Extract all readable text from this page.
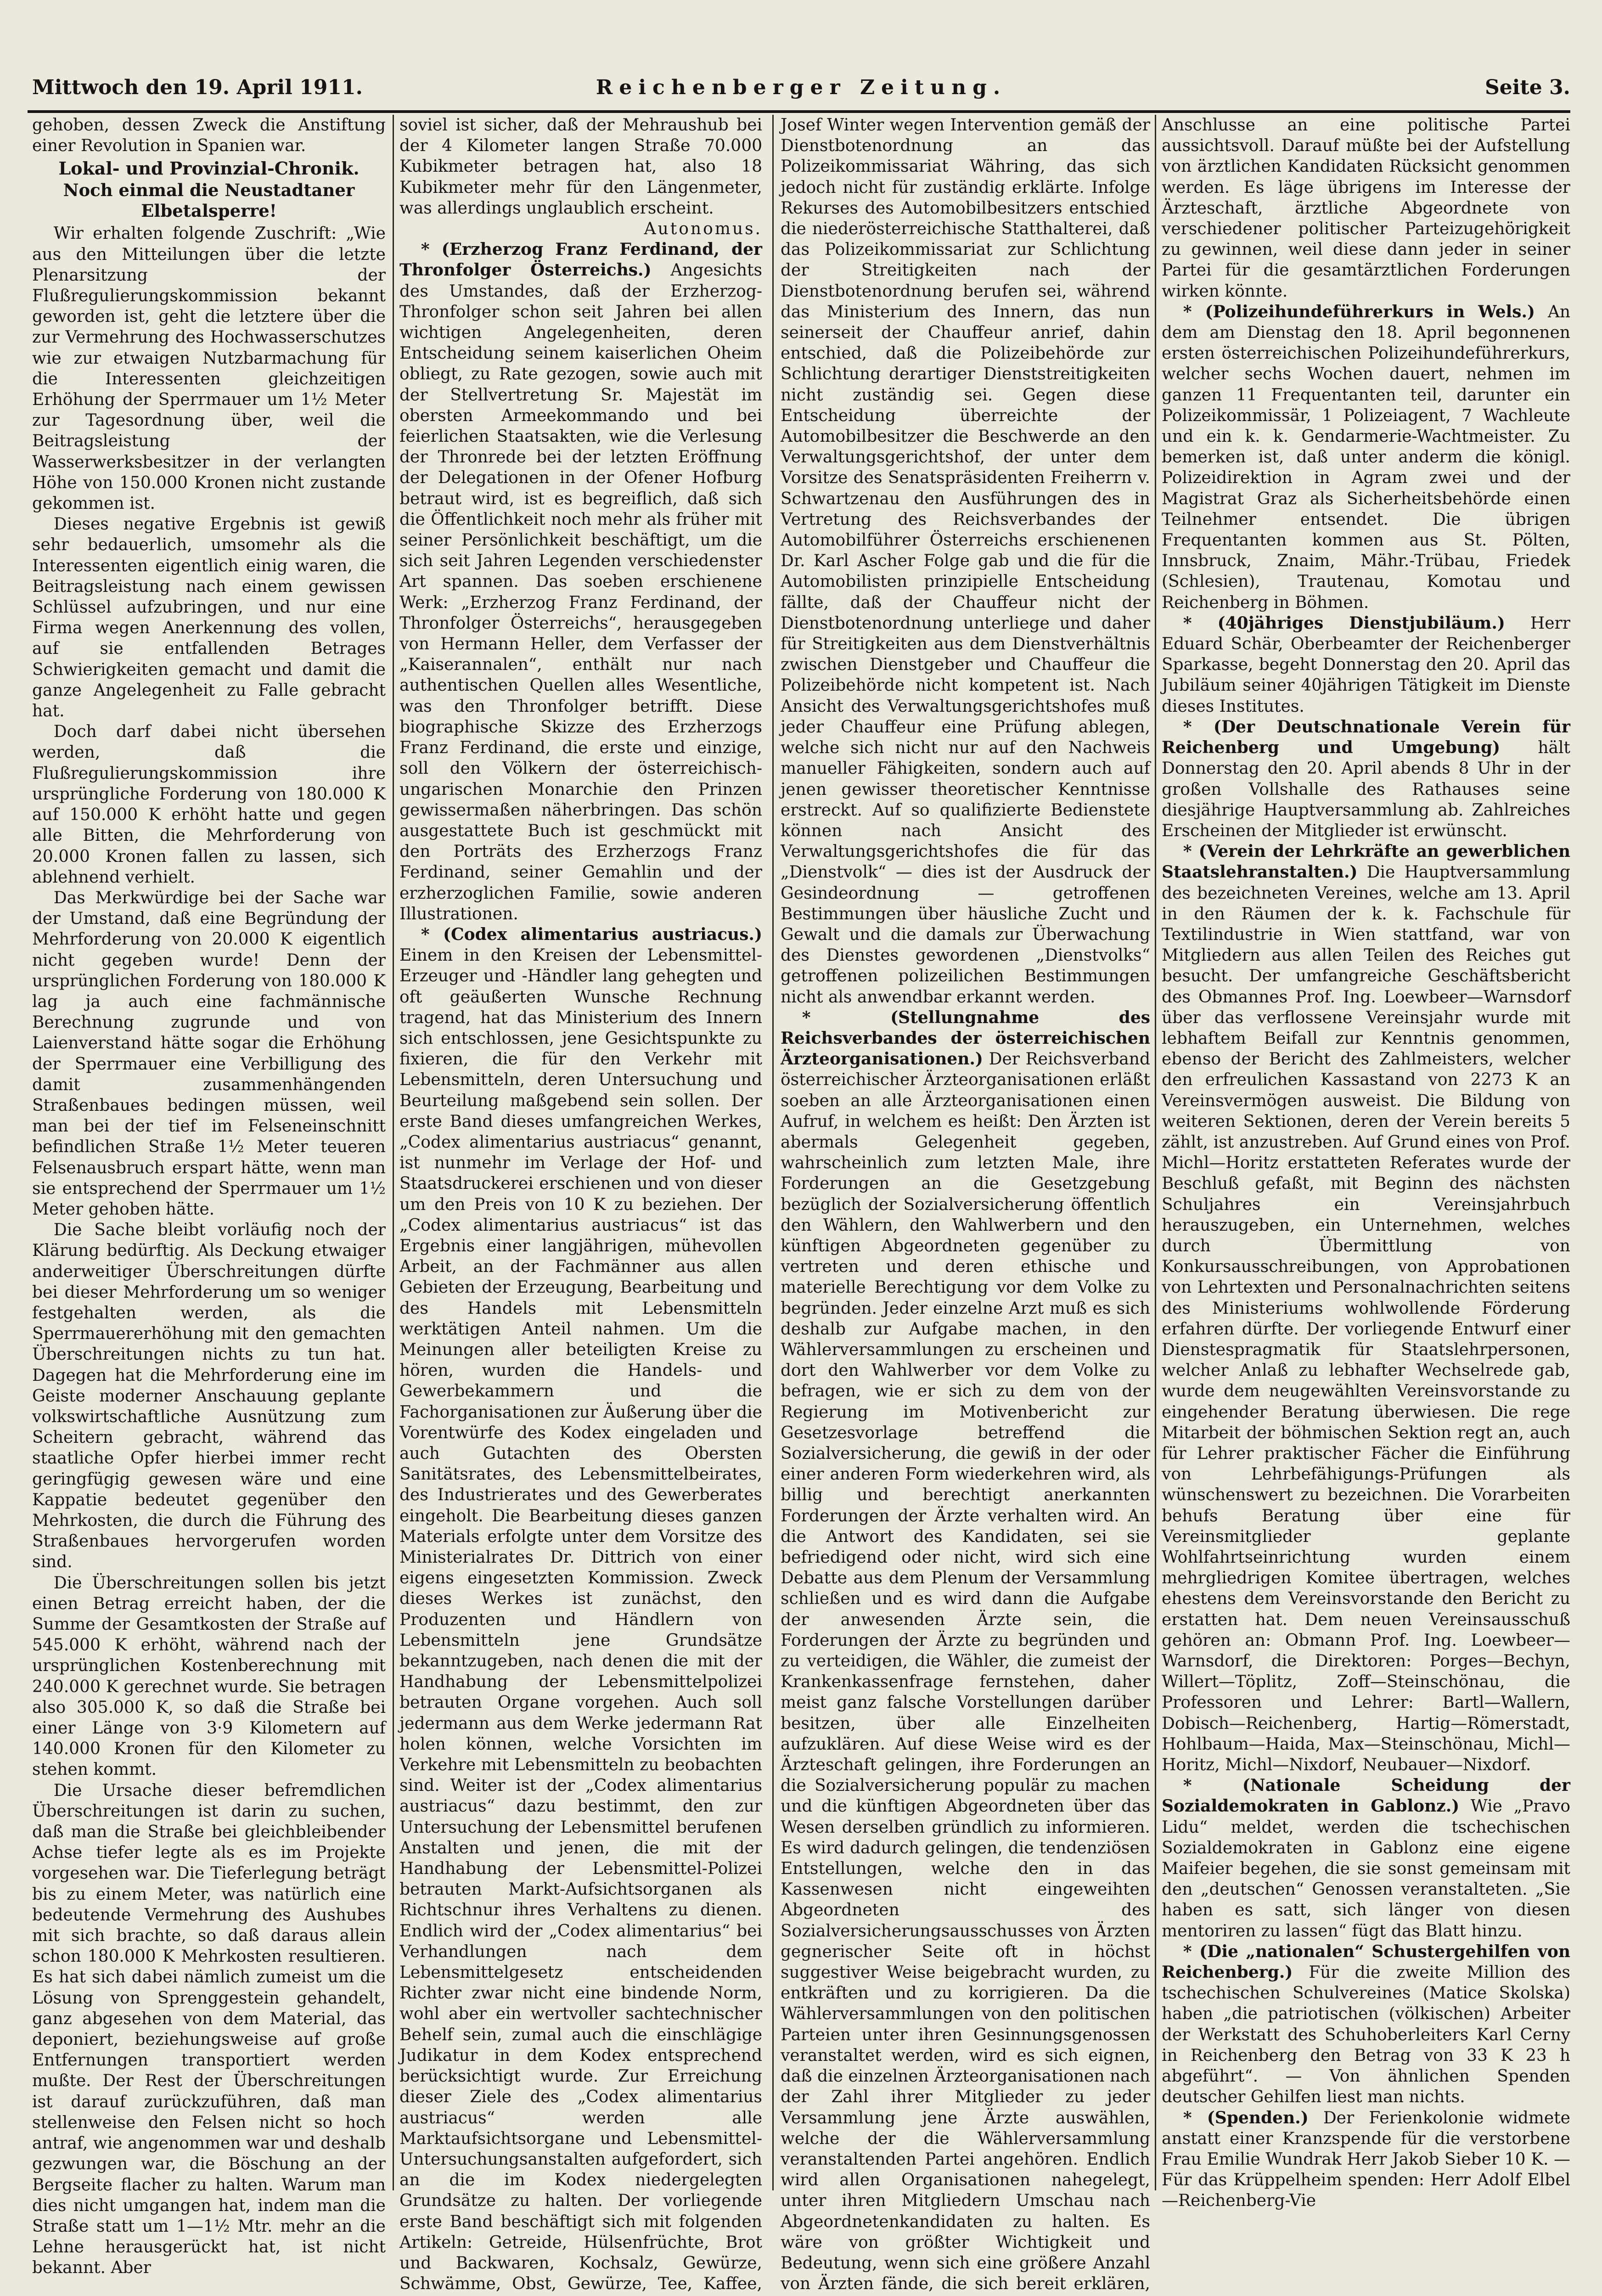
Mittwoch den 19. April 1911.	Reichenberger Zeitung.	Seite 3.

gehoben, dessen Zweck die Anstiftung einer Revolution in Spanien war.

Lokal- und Provinzial-Chronik.
Noch einmal die Neustadtaner Elbetalsperre!

Wir erhalten folgende Zuschrift: „Wie aus den Mitteilungen über die letzte Plenarsitzung der Flußregulierungskommission bekannt geworden ist, geht die letztere über die zur Vermehrung des Hochwasserschutzes wie zur etwaigen Nutzbarmachung für die Interessenten gleichzeitigen Erhöhung der Sperrmauer um 1½ Meter zur Tagesordnung über, weil die Beitragsleistung der Wasserwerksbesitzer in der verlangten Höhe von 150.000 Kronen nicht zustande gekommen ist.

Dieses negative Ergebnis ist gewiß sehr bedauerlich, umsomehr als die Interessenten eigentlich einig waren, die Beitragsleistung nach einem gewissen Schlüssel aufzubringen, und nur eine Firma wegen Anerkennung des vollen, auf sie entfallenden Betrages Schwierigkeiten gemacht und damit die ganze Angelegenheit zu Falle gebracht hat.

Doch darf dabei nicht übersehen werden, daß die Flußregulierungskommission ihre ursprüngliche Forderung von 180.000 K auf 150.000 K erhöht hatte und gegen alle Bitten, die Mehrforderung von 20.000 Kronen fallen zu lassen, sich ablehnend verhielt.

Das Merkwürdige bei der Sache war der Umstand, daß eine Begründung der Mehrforderung von 20.000 K eigentlich nicht gegeben wurde! Denn der ursprünglichen Forderung von 180.000 K lag ja auch eine fachmännische Berechnung zugrunde und von Laienverstand hätte sogar die Erhöhung der Sperrmauer eine Verbilligung des damit zusammenhängenden Straßenbaues bedingen müssen, weil man bei der tief im Felseneinschnitt befindlichen Straße 1½ Meter teueren Felsenausbruch erspart hätte, wenn man sie entsprechend der Sperrmauer um 1½ Meter gehoben hätte.

Die Sache bleibt vorläufig noch der Klärung bedürftig. Als Deckung etwaiger anderweitiger Überschreitungen dürfte bei dieser Mehrforderung um so weniger festgehalten werden, als die Sperrmauererhöhung mit den gemachten Überschreitungen nichts zu tun hat. Dagegen hat die Mehrforderung eine im Geiste moderner Anschauung geplante volkswirtschaftliche Ausnützung zum Scheitern gebracht, während das staatliche Opfer hierbei immer recht geringfügig gewesen wäre und eine Kappatie bedeutet gegenüber den Mehrkosten, die durch die Führung des Straßenbaues hervorgerufen worden sind.

Die Überschreitungen sollen bis jetzt einen Betrag erreicht haben, der die Summe der Gesamtkosten der Straße auf 545.000 K erhöht, während nach der ursprünglichen Kostenberechnung mit 240.000 K gerechnet wurde. Sie betragen also 305.000 K, so daß die Straße bei einer Länge von 3·9 Kilometern auf 140.000 Kronen für den Kilometer zu stehen kommt.

Die Ursache dieser befremdlichen Überschreitungen ist darin zu suchen, daß man die Straße bei gleichbleibender Achse tiefer legte als es im Projekte vorgesehen war. Die Tieferlegung beträgt bis zu einem Meter, was natürlich eine bedeutende Vermehrung des Aushubes mit sich brachte, so daß daraus allein schon 180.000 K Mehrkosten resultieren. Es hat sich dabei nämlich zumeist um die Lösung von Sprenggestein gehandelt, ganz abgesehen von dem Material, das deponiert, beziehungsweise auf große Entfernungen transportiert werden mußte. Der Rest der Überschreitungen ist darauf zurückzuführen, daß man stellenweise den Felsen nicht so hoch antraf, wie angenommen war und deshalb gezwungen war, die Böschung an der Bergseite flacher zu halten. Warum man dies nicht umgangen hat, indem man die Straße statt um 1—1½ Mtr. mehr an die Lehne herausgerückt hat, ist nicht bekannt. Aber

soviel ist sicher, daß der Mehraushub bei der 4 Kilometer langen Straße 70.000 Kubikmeter betragen hat, also 18 Kubikmeter mehr für den Längenmeter, was allerdings unglaublich erscheint.

Autonomus.

* (Erzherzog Franz Ferdinand, der Thronfolger Österreichs.) Angesichts des Umstandes, daß der Erzherzog-Thronfolger schon seit Jahren bei allen wichtigen Angelegenheiten, deren Entscheidung seinem kaiserlichen Oheim obliegt, zu Rate gezogen, sowie auch mit der Stellvertretung Sr. Majestät im obersten Armeekommando und bei feierlichen Staatsakten, wie die Verlesung der Thronrede bei der letzten Eröffnung der Delegationen in der Ofener Hofburg betraut wird, ist es begreiflich, daß sich die Öffentlichkeit noch mehr als früher mit seiner Persönlichkeit beschäftigt, um die sich seit Jahren Legenden verschiedenster Art spannen. Das soeben erschienene Werk: „Erzherzog Franz Ferdinand, der Thronfolger Österreichs“, herausgegeben von Hermann Heller, dem Verfasser der „Kaiserannalen“, enthält nur nach authentischen Quellen alles Wesentliche, was den Thronfolger betrifft. Diese biographische Skizze des Erzherzogs Franz Ferdinand, die erste und einzige, soll den Völkern der österreichisch-ungarischen Monarchie den Prinzen gewissermaßen näherbringen. Das schön ausgestattete Buch ist geschmückt mit den Porträts des Erzherzogs Franz Ferdinand, seiner Gemahlin und der erzherzoglichen Familie, sowie anderen Illustrationen.

* (Codex alimentarius austriacus.) Einem in den Kreisen der Lebensmittel-Erzeuger und -Händler lang gehegten und oft geäußerten Wunsche Rechnung tragend, hat das Ministerium des Innern sich entschlossen, jene Gesichtspunkte zu fixieren, die für den Verkehr mit Lebensmitteln, deren Untersuchung und Beurteilung maßgebend sein sollen. Der erste Band dieses umfangreichen Werkes, „Codex alimentarius austriacus“ genannt, ist nunmehr im Verlage der Hof- und Staatsdruckerei erschienen und von dieser um den Preis von 10 K zu beziehen. Der „Codex alimentarius austriacus“ ist das Ergebnis einer langjährigen, mühevollen Arbeit, an der Fachmänner aus allen Gebieten der Erzeugung, Bearbeitung und des Handels mit Lebensmitteln werktätigen Anteil nahmen. Um die Meinungen aller beteiligten Kreise zu hören, wurden die Handels- und Gewerbekammern und die Fachorganisationen zur Äußerung über die Vorentwürfe des Kodex eingeladen und auch Gutachten des Obersten Sanitätsrates, des Lebensmittelbeirates, des Industrierates und des Gewerberates eingeholt. Die Bearbeitung dieses ganzen Materials erfolgte unter dem Vorsitze des Ministerialrates Dr. Dittrich von einer eigens eingesetzten Kommission. Zweck dieses Werkes ist zunächst, den Produzenten und Händlern von Lebensmitteln jene Grundsätze bekanntzugeben, nach denen die mit der Handhabung der Lebensmittelpolizei betrauten Organe vorgehen. Auch soll jedermann aus dem Werke jedermann Rat holen können, welche Vorsichten im Verkehre mit Lebensmitteln zu beobachten sind. Weiter ist der „Codex alimentarius austriacus“ dazu bestimmt, den zur Untersuchung der Lebensmittel berufenen Anstalten und jenen, die mit der Handhabung der Lebensmittel-Polizei betrauten Markt-Aufsichtsorganen als Richtschnur ihres Verhaltens zu dienen. Endlich wird der „Codex alimentarius“ bei Verhandlungen nach dem Lebensmittelgesetz entscheidenden Richter zwar nicht eine bindende Norm, wohl aber ein wertvoller sachtechnischer Behelf sein, zumal auch die einschlägige Judikatur in dem Kodex entsprechend berücksichtigt wurde. Zur Erreichung dieser Ziele des „Codex alimentarius austriacus“ werden alle Marktaufsichtsorgane und Lebensmittel-Untersuchungsanstalten aufgefordert, sich an die im Kodex niedergelegten Grundsätze zu halten. Der vorliegende erste Band beschäftigt sich mit folgenden Artikeln: Getreide, Hülsenfrüchte, Brot und Backwaren, Kochsalz, Gewürze, Schwämme, Obst, Gewürze, Tee, Kaffee,

Josef Winter wegen Intervention gemäß der Dienstbotenordnung an das Polizeikommissariat Währing, das sich jedoch nicht für zuständig erklärte. Infolge Rekurses des Automobilbesitzers entschied die niederösterreichische Statthalterei, daß das Polizeikommissariat zur Schlichtung der Streitigkeiten nach der Dienstbotenordnung berufen sei, während das Ministerium des Innern, das nun seinerseit der Chauffeur anrief, dahin entschied, daß die Polizeibehörde zur Schlichtung derartiger Dienststreitigkeiten nicht zuständig sei. Gegen diese Entscheidung überreichte der Automobilbesitzer die Beschwerde an den Verwaltungsgerichtshof, der unter dem Vorsitze des Senatspräsidenten Freiherrn v. Schwartzenau den Ausführungen des in Vertretung des Reichsverbandes der Automobilführer Österreichs erschienenen Dr. Karl Ascher Folge gab und die für die Automobilisten prinzipielle Entscheidung fällte, daß der Chauffeur nicht der Dienstbotenordnung unterliege und daher für Streitigkeiten aus dem Dienstverhältnis zwischen Dienstgeber und Chauffeur die Polizeibehörde nicht kompetent ist. Nach Ansicht des Verwaltungsgerichtshofes muß jeder Chauffeur eine Prüfung ablegen, welche sich nicht nur auf den Nachweis manueller Fähigkeiten, sondern auch auf jenen gewisser theoretischer Kenntnisse erstreckt. Auf so qualifizierte Bedienstete können nach Ansicht des Verwaltungsgerichtshofes die für das „Dienstvolk“ — dies ist der Ausdruck der Gesindeordnung — getroffenen Bestimmungen über häusliche Zucht und Gewalt und die damals zur Überwachung des Dienstes gewordenen „Dienstvolks“ getroffenen polizeilichen Bestimmungen nicht als anwendbar erkannt werden.

* (Stellungnahme des Reichsverbandes der österreichischen Ärzteorganisationen.) Der Reichsverband österreichischer Ärzteorganisationen erläßt soeben an alle Ärzteorganisationen einen Aufruf, in welchem es heißt: Den Ärzten ist abermals Gelegenheit gegeben, wahrscheinlich zum letzten Male, ihre Forderungen an die Gesetzgebung bezüglich der Sozialversicherung öffentlich den Wählern, den Wahlwerbern und den künftigen Abgeordneten gegenüber zu vertreten und deren ethische und materielle Berechtigung vor dem Volke zu begründen. Jeder einzelne Arzt muß es sich deshalb zur Aufgabe machen, in den Wählerversammlungen zu erscheinen und dort den Wahlwerber vor dem Volke zu befragen, wie er sich zu dem von der Regierung im Motivenbericht zur Gesetzesvorlage betreffend die Sozialversicherung, die gewiß in der oder einer anderen Form wiederkehren wird, als billig und berechtigt anerkannten Forderungen der Ärzte verhalten wird. An die Antwort des Kandidaten, sei sie befriedigend oder nicht, wird sich eine Debatte aus dem Plenum der Versammlung schließen und es wird dann die Aufgabe der anwesenden Ärzte sein, die Forderungen der Ärzte zu begründen und zu verteidigen, die Wähler, die zumeist der Krankenkassenfrage fernstehen, daher meist ganz falsche Vorstellungen darüber besitzen, über alle Einzelheiten aufzuklären. Auf diese Weise wird es der Ärzteschaft gelingen, ihre Forderungen an die Sozialversicherung populär zu machen und die künftigen Abgeordneten über das Wesen derselben gründlich zu informieren. Es wird dadurch gelingen, die tendenziösen Entstellungen, welche den in das Kassenwesen nicht eingeweihten Abgeordneten des Sozialversicherungsausschusses von Ärzten gegnerischer Seite oft in höchst suggestiver Weise beigebracht wurden, zu entkräften und zu korrigieren. Da die Wählerversammlungen von den politischen Parteien unter ihren Gesinnungsgenossen veranstaltet werden, wird es sich eignen, daß die einzelnen Ärzteorganisationen nach der Zahl ihrer Mitglieder zu jeder Versammlung jene Ärzte auswählen, welche der die Wählerversammlung veranstaltenden Partei angehören. Endlich wird allen Organisationen nahegelegt, unter ihren Mitgliedern Umschau nach Abgeordnetenkandidaten zu halten. Es wäre von größter Wichtigkeit und Bedeutung, wenn sich eine größere Anzahl von Ärzten fände, die sich bereit erklären,

Anschlusse an eine politische Partei aussichtsvoll. Darauf müßte bei der Aufstellung von ärztlichen Kandidaten Rücksicht genommen werden. Es läge übrigens im Interesse der Ärzteschaft, ärztliche Abgeordnete von verschiedener politischer Parteizugehörigkeit zu gewinnen, weil diese dann jeder in seiner Partei für die gesamtärztlichen Forderungen wirken könnte.

* (Polizeihundeführerkurs in Wels.) An dem am Dienstag den 18. April begonnenen ersten österreichischen Polizeihundeführerkurs, welcher sechs Wochen dauert, nehmen im ganzen 11 Frequentanten teil, darunter ein Polizeikommissär, 1 Polizeiagent, 7 Wachleute und ein k. k. Gendarmerie-Wachtmeister. Zu bemerken ist, daß unter anderm die königl. Polizeidirektion in Agram zwei und der Magistrat Graz als Sicherheitsbehörde einen Teilnehmer entsendet. Die übrigen Frequentanten kommen aus St. Pölten, Innsbruck, Znaim, Mähr.-Trübau, Friedek (Schlesien), Trautenau, Komotau und Reichenberg in Böhmen.

* (40jähriges Dienstjubiläum.) Herr Eduard Schär, Oberbeamter der Reichenberger Sparkasse, begeht Donnerstag den 20. April das Jubiläum seiner 40jährigen Tätigkeit im Dienste dieses Institutes.

* (Der Deutschnationale Verein für Reichenberg und Umgebung) hält Donnerstag den 20. April abends 8 Uhr in der großen Vollshalle des Rathauses seine diesjährige Hauptversammlung ab. Zahlreiches Erscheinen der Mitglieder ist erwünscht.

* (Verein der Lehrkräfte an gewerblichen Staatslehranstalten.) Die Hauptversammlung des bezeichneten Vereines, welche am 13. April in den Räumen der k. k. Fachschule für Textilindustrie in Wien stattfand, war von Mitgliedern aus allen Teilen des Reiches gut besucht. Der umfangreiche Geschäftsbericht des Obmannes Prof. Ing. Loewbeer—Warnsdorf über das verflossene Vereinsjahr wurde mit lebhaftem Beifall zur Kenntnis genommen, ebenso der Bericht des Zahlmeisters, welcher den erfreulichen Kassastand von 2273 K an Vereinsvermögen ausweist. Die Bildung von weiteren Sektionen, deren der Verein bereits 5 zählt, ist anzustreben. Auf Grund eines von Prof. Michl—Horitz erstatteten Referates wurde der Beschluß gefaßt, mit Beginn des nächsten Schuljahres ein Vereinsjahrbuch herauszugeben, ein Unternehmen, welches durch Übermittlung von Konkursausschreibungen, von Approbationen von Lehrtexten und Personalnachrichten seitens des Ministeriums wohlwollende Förderung erfahren dürfte. Der vorliegende Entwurf einer Dienstespragmatik für Staatslehrpersonen, welcher Anlaß zu lebhafter Wechselrede gab, wurde dem neugewählten Vereinsvorstande zu eingehender Beratung überwiesen. Die rege Mitarbeit der böhmischen Sektion regt an, auch für Lehrer praktischer Fächer die Einführung von Lehrbefähigungs-Prüfungen als wünschenswert zu bezeichnen. Die Vorarbeiten behufs Beratung über eine für Vereinsmitglieder geplante Wohlfahrtseinrichtung wurden einem mehrgliedrigen Komitee übertragen, welches ehestens dem Vereinsvorstande den Bericht zu erstatten hat. Dem neuen Vereinsausschuß gehören an: Obmann Prof. Ing. Loewbeer—Warnsdorf, die Direktoren: Porges—Bechyn, Willert—Töplitz, Zoff—Steinschönau, die Professoren und Lehrer: Bartl—Wallern, Dobisch—Reichenberg, Hartig—Römerstadt, Hohlbaum—Haida, Max—Steinschönau, Michl—Horitz, Michl—Nixdorf, Neubauer—Nixdorf.

* (Nationale Scheidung der Sozialdemokraten in Gablonz.) Wie „Pravo Lidu“ meldet, werden die tschechischen Sozialdemokraten in Gablonz eine eigene Maifeier begehen, die sie sonst gemeinsam mit den „deutschen“ Genossen veranstalteten. „Sie haben es satt, sich länger von diesen mentoriren zu lassen“ fügt das Blatt hinzu.

* (Die „nationalen“ Schustergehilfen von Reichenberg.) Für die zweite Million des tschechischen Schulvereines (Matice Skolska) haben „die patriotischen (völkischen) Arbeiter der Werkstatt des Schuhoberleiters Karl Cerny in Reichenberg den Betrag von 33 K 23 h abgeführt“. — Von ähnlichen Spenden deutscher Gehilfen liest man nichts.

* (Spenden.) Der Ferienkolonie widmete anstatt einer Kranzspende für die verstorbene Frau Emilie Wundrak Herr Jakob Sieber 10 K. — Für das Krüppelheim spenden: Herr Adolf Elbel—Reichenberg-Vie
